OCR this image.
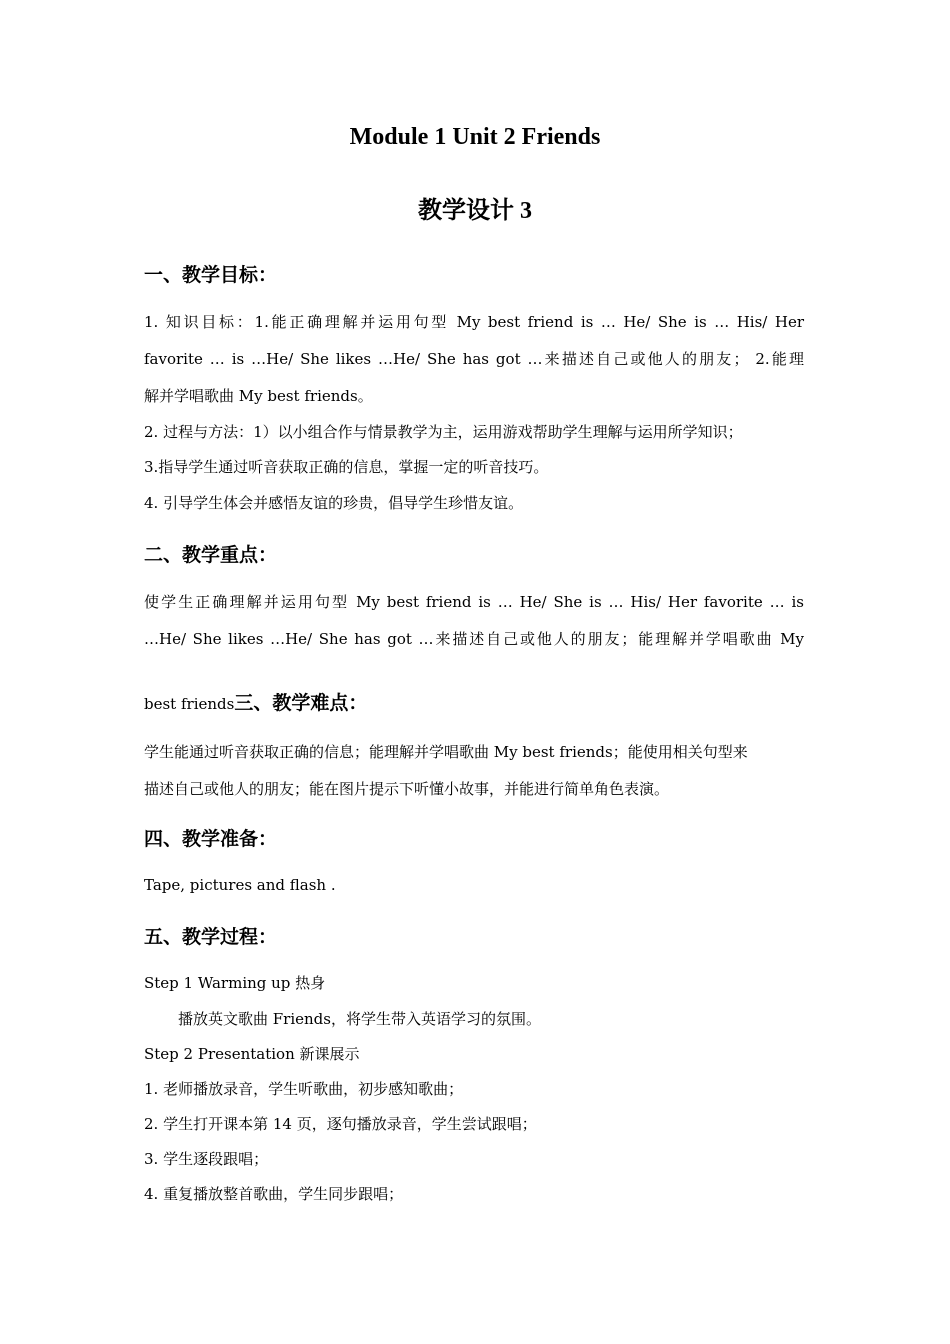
Module 1 Unit 2 Friends
教学设计 3
一、教学目标：
1. 知识目标：1.能正确理解并运用句型 My best friend is … He/ She is … His/ Her
favorite … is …He/ She likes …He/ She has got …来描述自己或他人的朋友； 2.能理
解并学唱歌曲 My best friends。
2. 过程与方法：1）以小组合作与情景教学为主，运用游戏帮助学生理解与运用所学知识；
3.指导学生通过听音获取正确的信息，掌握一定的听音技巧。
4. 引导学生体会并感悟友谊的珍贵，倡导学生珍惜友谊。
二、教学重点：
使学生正确理解并运用句型 My best friend is … He/ She is … His/ Her favorite … is
…He/ She likes …He/ She has got …来描述自己或他人的朋友；能理解并学唱歌曲 My
best friends三、教学难点：
学生能通过听音获取正确的信息；能理解并学唱歌曲 My best friends；能使用相关句型来
描述自己或他人的朋友；能在图片提示下听懂小故事，并能进行简单角色表演。
四、教学准备：
Tape, pictures and flash .
五、教学过程：
Step 1 Warming up 热身
播放英文歌曲 Friends，将学生带入英语学习的氛围。
Step 2 Presentation 新课展示
1. 老师播放录音，学生听歌曲，初步感知歌曲；
2. 学生打开课本第 14 页，逐句播放录音，学生尝试跟唱；
3. 学生逐段跟唱；
4. 重复播放整首歌曲，学生同步跟唱；
